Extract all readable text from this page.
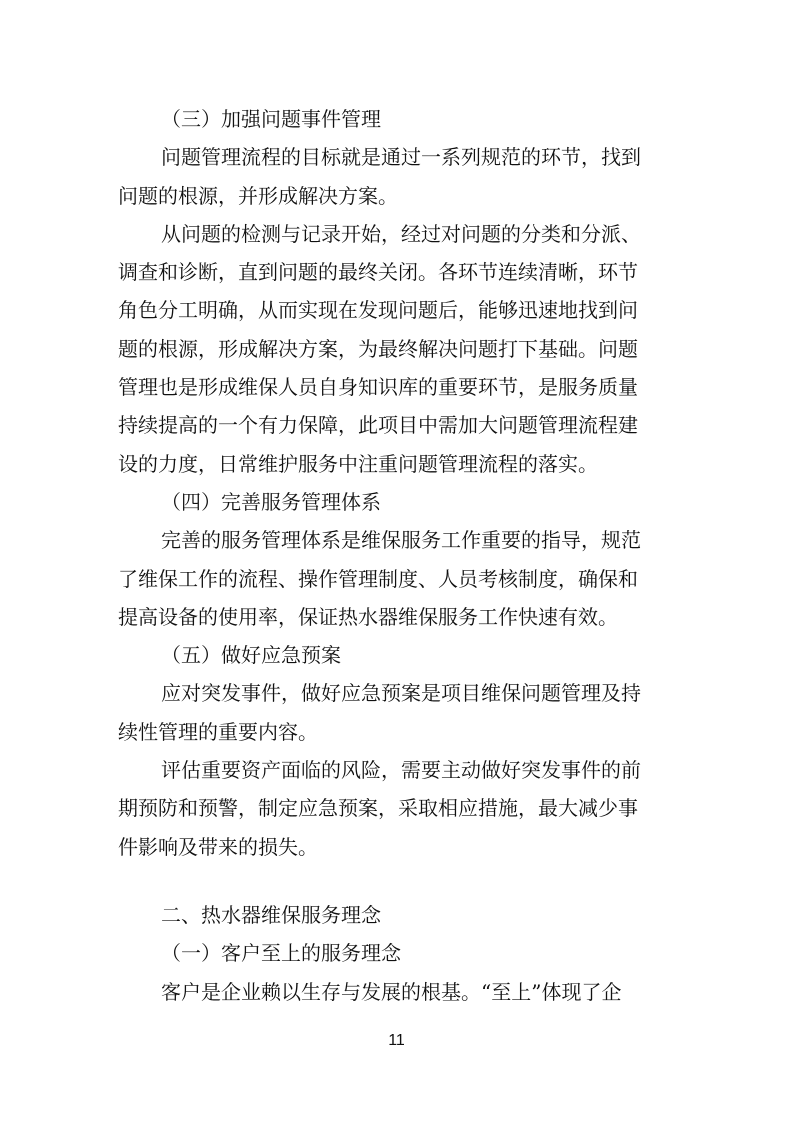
（三）加强问题事件管理

问题管理流程的目标就是通过一系列规范的环节，找到

问题的根源，并形成解决方案。

从问题的检测与记录开始，经过对问题的分类和分派、

调查和诊断，直到问题的最终关闭。各环节连续清晰，环节

角色分工明确，从而实现在发现问题后，能够迅速地找到问

题的根源，形成解决方案，为最终解决问题打下基础。问题

管理也是形成维保人员自身知识库的重要环节，是服务质量

持续提高的一个有力保障，此项目中需加大问题管理流程建

设的力度，日常维护服务中注重问题管理流程的落实。

（四）完善服务管理体系

完善的服务管理体系是维保服务工作重要的指导，规范

了维保工作的流程、操作管理制度、人员考核制度，确保和

提高设备的使用率，保证热水器维保服务工作快速有效。

（五）做好应急预案

应对突发事件，做好应急预案是项目维保问题管理及持

续性管理的重要内容。

评估重要资产面临的风险，需要主动做好突发事件的前

期预防和预警，制定应急预案，采取相应措施，最大减少事

件影响及带来的损失。

二、热水器维保服务理念

（一）客户至上的服务理念

客户是企业赖以生存与发展的根基。“至上”体现了企

11
